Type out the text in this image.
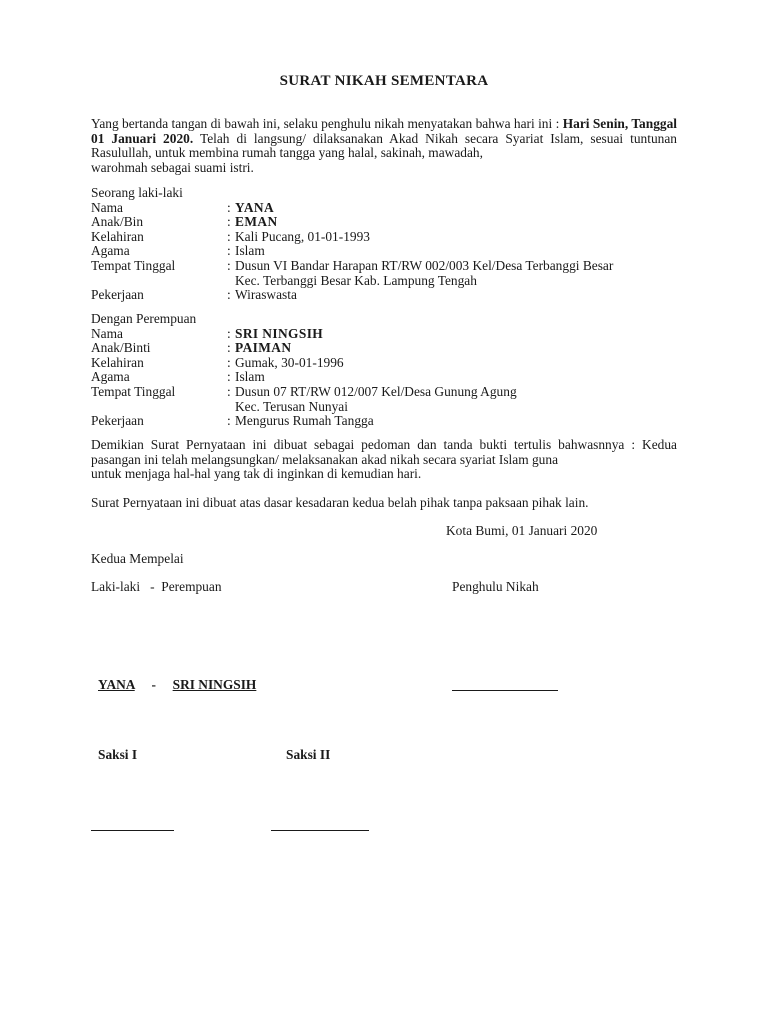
SURAT NIKAH SEMENTARA
Yang bertanda tangan di bawah ini, selaku penghulu nikah menyatakan bahwa hari ini : Hari Senin, Tanggal 01 Januari 2020. Telah di langsung/ dilaksanakan Akad Nikah secara Syariat Islam, sesuai tuntunan Rasulullah, untuk membina rumah tangga yang halal, sakinah, mawadah,
warohmah sebagai suami istri.
Seorang laki-laki
Nama	: YANA
Anak/Bin	: EMAN
Kelahiran	: Kali Pucang, 01-01-1993
Agama	: Islam
Tempat Tinggal	: Dusun VI Bandar Harapan RT/RW 002/003 Kel/Desa Terbanggi Besar
Kec. Terbanggi Besar Kab. Lampung Tengah
Pekerjaan	: Wiraswasta
Dengan Perempuan
Nama	: SRI NINGSIH
Anak/Binti	: PAIMAN
Kelahiran	: Gumak, 30-01-1996
Agama	: Islam
Tempat Tinggal	: Dusun 07 RT/RW 012/007 Kel/Desa Gunung Agung
Kec. Terusan Nunyai
Pekerjaan	: Mengurus Rumah Tangga
Demikian Surat Pernyataan ini dibuat sebagai pedoman dan tanda bukti tertulis bahwasnnya : Kedua pasangan ini telah melangsungkan/ melaksanakan akad nikah secara syariat Islam guna
untuk menjaga hal-hal yang tak di inginkan di kemudian hari.
Surat Pernyataan ini dibuat atas dasar kesadaran kedua belah pihak tanpa paksaan pihak lain.
Kota Bumi, 01 Januari 2020
Kedua Mempelai
Laki-laki   -  Perempuan	Penghulu Nikah
YANA - SRI NINGSIH
Saksi I	Saksi II
